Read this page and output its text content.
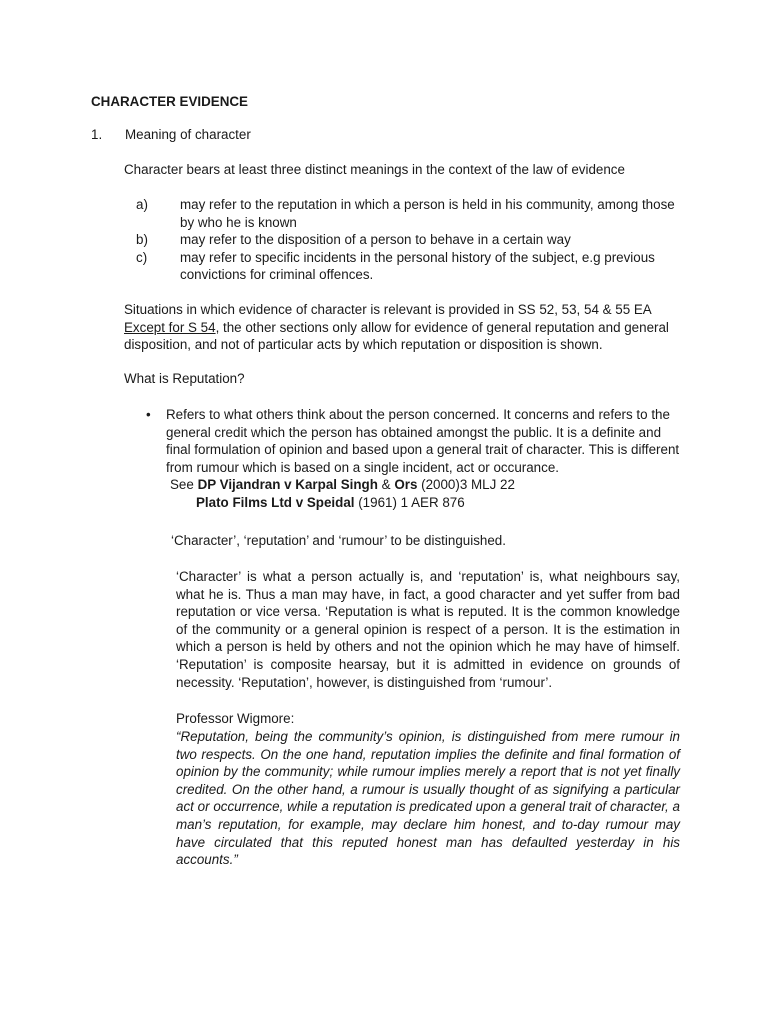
CHARACTER EVIDENCE
1. Meaning of character

Character bears at least three distinct meanings in the context of the law of evidence

a)	may refer to the reputation in which a person is held in his community, among those by who he is known
b)	may refer to the disposition of a person to behave in a certain way
c)	may refer to specific incidents in the personal history of the subject, e.g previous convictions for criminal offences.

Situations in which evidence of character is relevant is provided in SS 52, 53, 54 & 55 EA
Except for S 54, the other sections only allow for evidence of general reputation and general disposition, and not of particular acts by which reputation or disposition is shown.

What is Reputation?

• Refers to what others think about the person concerned. It concerns and refers to the general credit which the person has obtained amongst the public. It is a definite and final formulation of opinion and based upon a general trait of character. This is different from rumour which is based on a single incident, act or occurance.

See DP Vijandran v Karpal Singh & Ors (2000)3 MLJ 22

Plato Films Ltd v Speidal (1961) 1 AER 876

‘Character’, ‘reputation’ and ‘rumour’ to be distinguished.

‘Character’ is what a person actually is, and ‘reputation’ is, what neighbours say, what he is. Thus a man may have, in fact, a good character and yet suffer from bad reputation or vice versa. ‘Reputation is what is reputed. It is the common knowledge of the community or a general opinion is respect of a person. It is the estimation in which a person is held by others and not the opinion which he may have of himself. ‘Reputation’ is composite hearsay, but it is admitted in evidence on grounds of necessity. ‘Reputation’, however, is distinguished from ‘rumour’.

Professor Wigmore:

“Reputation, being the community’s opinion, is distinguished from mere rumour in two respects. On the one hand, reputation implies the definite and final formation of opinion by the community; while rumour implies merely a report that is not yet finally credited. On the other hand, a rumour is usually thought of as signifying a particular act or occurrence, while a reputation is predicated upon a general trait of character, a man’s reputation, for example, may declare him honest, and to-day rumour may have circulated that this reputed honest man has defaulted yesterday in his accounts.”
